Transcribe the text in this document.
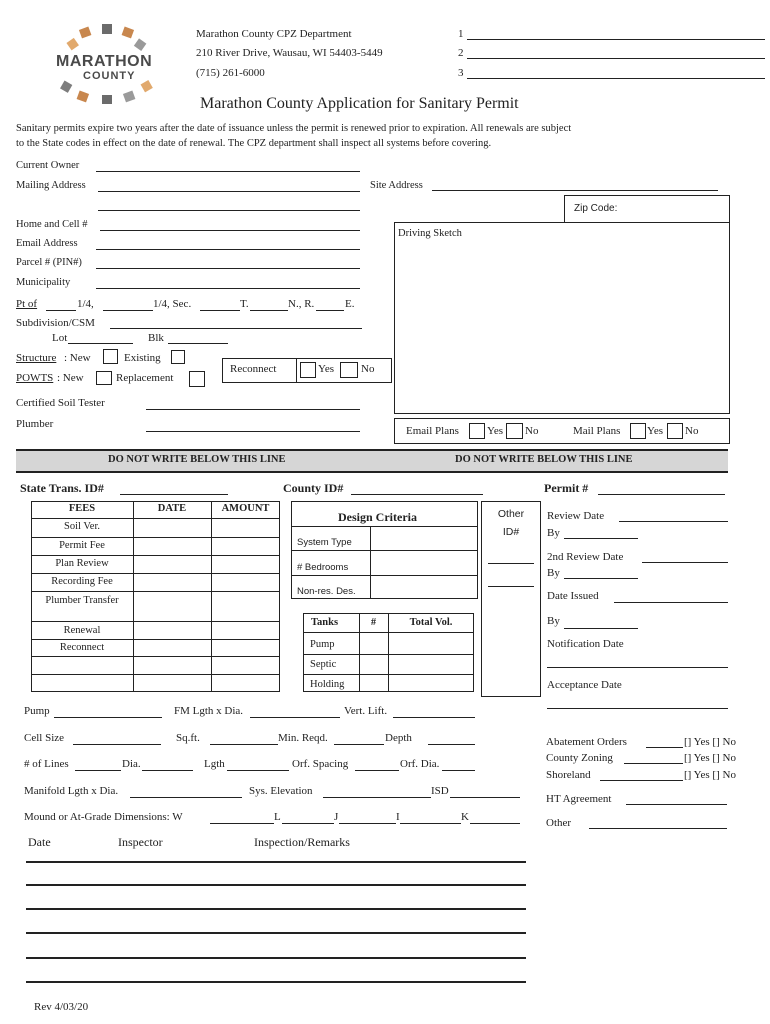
MARATHON
COUNTY
Marathon County CPZ Department
210 River Drive, Wausau, WI 54403-5449
(715) 261-6000
1
2
3
Marathon County Application for Sanitary Permit
Sanitary permits expire two years after the date of issuance unless the permit is renewed prior to expiration. All renewals are subject
to the State codes in effect on the date of renewal. The CPZ department shall inspect all systems before covering.
Current Owner
Mailing Address	Site Address
Zip Code:
Home and Cell #
Email Address
Parcel # (PIN#)
Municipality
Driving Sketch
Pt of	1/4,	1/4, Sec.	T.	N., R.	E.
Subdivision/CSM
Lot	Blk
Structure : New	Existing
POWTS : New	Replacement
Reconnect	Yes No
Certified Soil Tester
Plumber
Email Plans	Yes No	Mail Plans Yes No
DO NOT WRITE BELOW THIS LINE	DO NOT WRITE BELOW THIS LINE
State Trans. ID#	County ID#	Permit #
FEES	DATE	AMOUNT
Soil Ver.
Permit Fee
Plan Review
Recording Fee
Plumber Transfer
Renewal
Reconnect
Design Criteria
System Type
# Bedrooms
Non-res. Des.
Tanks	#	Total Vol.
Pump
Septic
Holding
Other
ID#
Review Date
By
2nd Review Date
By
Date Issued
By
Notification Date
Acceptance Date
Pump	FM Lgth x Dia.	Vert. Lift.
Cell Size	Sq.ft.	Min. Reqd.	Depth
# of Lines	Dia.	Lgth	Orf. Spacing	Orf. Dia.
Manifold Lgth x Dia.	Sys. Elevation	ISD
Mound or At-Grade Dimensions: W	L	J	I	K
Abatement Orders	[] Yes [] No
County Zoning	[] Yes [] No
Shoreland	[] Yes [] No
HT Agreement
Other
Date	Inspector	Inspection/Remarks
Rev 4/03/20
